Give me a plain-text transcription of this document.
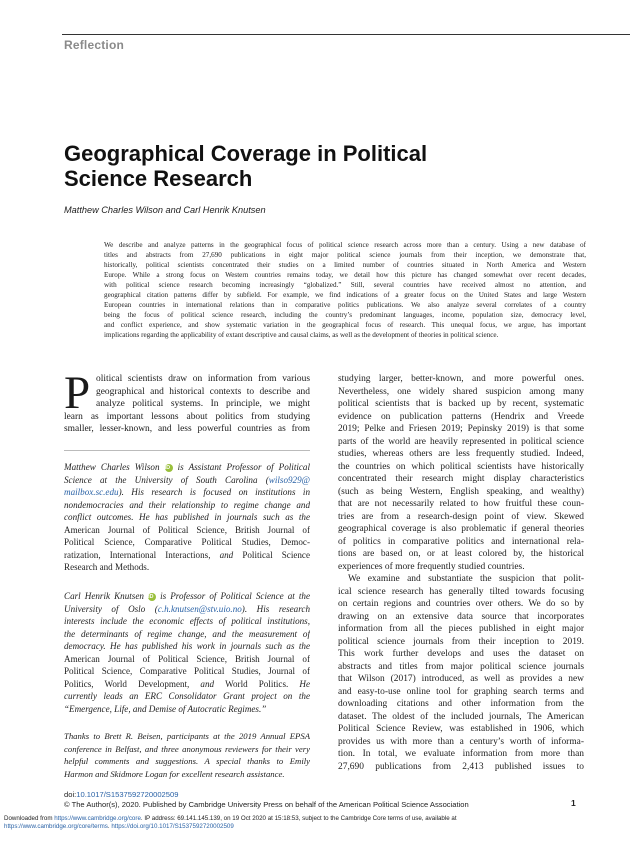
Reflection
Geographical Coverage in Political
Science Research
Matthew Charles Wilson and Carl Henrik Knutsen
We describe and analyze patterns in the geographical focus of political science research across more than a century. Using a new database of
titles and abstracts from 27,690 publications in eight major political science journals from their inception, we demonstrate that,
historically, political scientists concentrated their studies on a limited number of countries situated in North America and Western
Europe. While a strong focus on Western countries remains today, we detail how this picture has changed somewhat over recent decades,
with political science research becoming increasingly “globalized.” Still, several countries have received almost no attention, and
geographical citation patterns differ by subfield. For example, we find indications of a greater focus on the United States and large Western
European countries in international relations than in comparative politics publications. We also analyze several correlates of a country
being the focus of political science research, including the country’s predominant languages, income, population size, democracy level,
and conflict experience, and show systematic variation in the geographical focus of research. This unequal focus, we argue, has important
implications regarding the applicability of extant descriptive and causal claims, as well as the development of theories in political science.
P olitical scientists draw on information from various
geographical and historical contexts to describe and
analyze political systems. In principle, we might
learn as important lessons about politics from studying
smaller, lesser-known, and less powerful countries as from
Matthew Charles Wilson iD is Assistant Professor of Political
Science at the University of South Carolina (wilso929@
mailbox.sc.edu). His research is focused on institutions in
nondemocracies and their relationship to regime change and
conflict outcomes. He has published in journals such as the
American Journal of Political Science, British Journal of
Political Science, Comparative Political Studies, Democ-
ratization, International Interactions, and Political Science
Research and Methods.
Carl Henrik Knutsen iD is Professor of Political Science at the
University of Oslo (c.h.knutsen@stv.uio.no). His research
interests include the economic effects of political institutions,
the determinants of regime change, and the measurement of
democracy. He has published his work in journals such as the
American Journal of Political Science, British Journal of
Political Science, Comparative Political Studies, Journal of
Politics, World Development, and World Politics. He
currently leads an ERC Consolidator Grant project on the
“Emergence, Life, and Demise of Autocratic Regimes.”
Thanks to Brett R. Beisen, participants at the 2019 Annual EPSA
conference in Belfast, and three anonymous reviewers for their very
helpful comments and suggestions. A special thanks to Emily
Harmon and Skidmore Logan for excellent research assistance.
studying larger, better-known, and more powerful ones.
Nevertheless, one widely shared suspicion among many
political scientists that is backed up by recent, systematic
evidence on publication patterns (Hendrix and Vreede
2019; Pelke and Friesen 2019; Pepinsky 2019) is that some
parts of the world are heavily represented in political science
studies, whereas others are less frequently studied. Indeed,
the countries on which political scientists have historically
concentrated their research might display characteristics
(such as being Western, English speaking, and wealthy)
that are not necessarily related to how fruitful these coun-
tries are from a research-design point of view. Skewed
geographical coverage is also problematic if general theories
of politics in comparative politics and international rela-
tions are based on, or at least colored by, the historical
experiences of more frequently studied countries.
We examine and substantiate the suspicion that polit-
ical science research has generally tilted towards focusing
on certain regions and countries over others. We do so by
drawing on an extensive data source that incorporates
information from all the pieces published in eight major
political science journals from their inception to 2019.
This work further develops and uses the dataset on
abstracts and titles from major political science journals
that Wilson (2017) introduced, as well as provides a new
and easy-to-use online tool for graphing search terms and
downloading citations and other information from the
dataset. The oldest of the included journals, The American
Political Science Review, was established in 1906, which
provides us with more than a century’s worth of informa-
tion. In total, we evaluate information from more than
27,690 publications from 2,413 published issues to
doi:10.1017/S1537592720002509
© The Author(s), 2020. Published by Cambridge University Press on behalf of the American Political Science Association	1
Downloaded from https://www.cambridge.org/core. IP address: 69.141.145.139, on 19 Oct 2020 at 15:18:53, subject to the Cambridge Core terms of use, available at
https://www.cambridge.org/core/terms. https://doi.org/10.1017/S1537592720002509
